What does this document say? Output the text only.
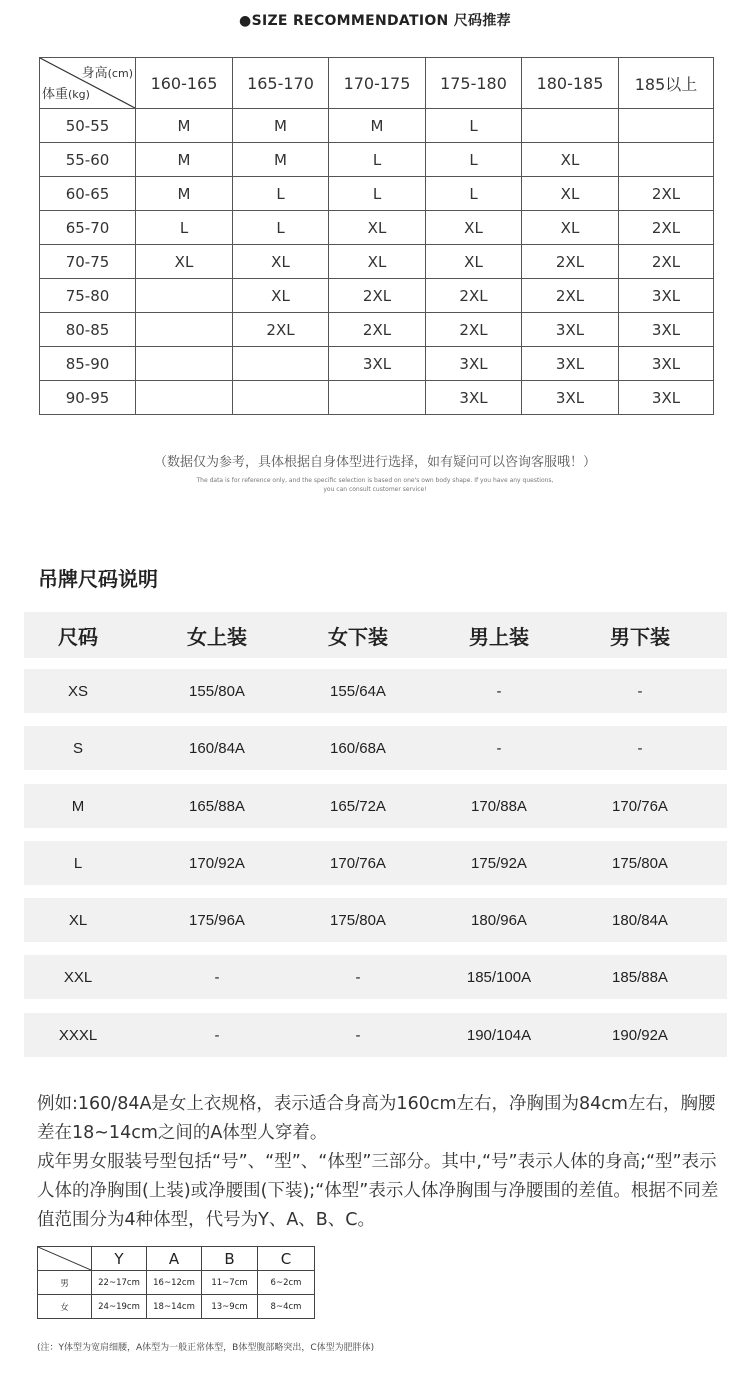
●SIZE RECOMMENDATION 尺码推荐
身高(cm)
体重(kg)	160-165	165-170	170-175	175-180	180-185	185以上
50-55	M	M	M	L		
55-60	M	M	L	L	XL	
60-65	M	L	L	L	XL	2XL
65-70	L	L	XL	XL	XL	2XL
70-75	XL	XL	XL	XL	2XL	2XL
75-80		XL	2XL	2XL	2XL	3XL
80-85		2XL	2XL	2XL	3XL	3XL
85-90			3XL	3XL	3XL	3XL
90-95				3XL	3XL	3XL
（数据仅为参考，具体根据自身体型进行选择，如有疑问可以咨询客服哦！）
The data is for reference only, and the specific selection is based on one's own body shape. If you have any questions,
you can consult customer service!
吊牌尺码说明
尺码	女上装	女下装	男上装	男下装
XS	155/80A	155/64A	-	-
S	160/84A	160/68A	-	-
M	165/88A	165/72A	170/88A	170/76A
L	170/92A	170/76A	175/92A	175/80A
XL	175/96A	175/80A	180/96A	180/84A
XXL	-	-	185/100A	185/88A
XXXL	-	-	190/104A	190/92A

例如:160/84A是女上衣规格，表示适合身高为160cm左右，净胸围为84cm左右，胸腰差在18~14cm之间的A体型人穿着。

成年男女服装号型包括“号”、“型”、“体型”三部分。其中,“号”表示人体的身高;“型”表示人体的净胸围(上装)或净腰围(下装);“体型”表示人体净胸围与净腰围的差值。根据不同差值范围分为4种体型，代号为Y、A、B、C。

	Y	A	B	C
男	22~17cm	16~12cm	11~7cm	6~2cm
女	24~19cm	18~14cm	13~9cm	8~4cm
(注：Y体型为宽肩细腰，A体型为一般正常体型，B体型腹部略突出，C体型为肥胖体)
